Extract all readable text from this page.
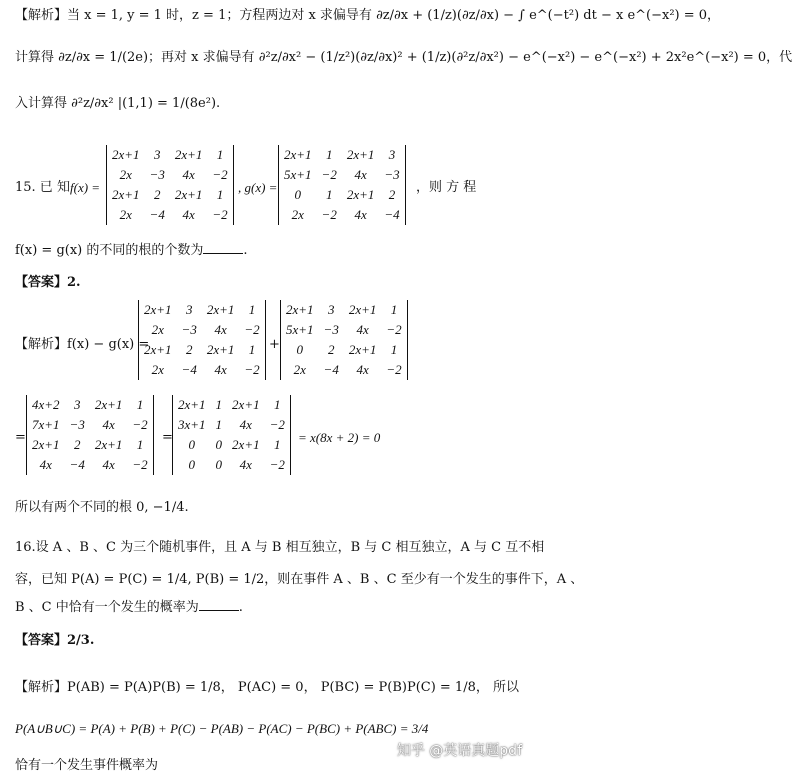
【解析】当 x = 1, y = 1 时，z = 1；方程两边对 x 求偏导有 ∂z/∂x + (1/z)(∂z/∂x) − ∫ e^(−t²) dt − x e^(−x²) = 0，
计算得 ∂z/∂x = 1/(2e)；再对 x 求偏导有 ∂²z/∂x² − (1/z²)(∂z/∂x)² + (1/z)(∂²z/∂x²) − e^(−x²) − e^(−x²) + 2x²e^(−x²) = 0，代
入计算得 ∂²z/∂x² |(1,1) = 1/(8e²).
15. 已 知 f(x) =
2x+1	3	2x+1	1
2x	−3	4x	−2
2x+1	2	2x+1	1
2x	−4	4x	−2
, g(x) =
2x+1	1	2x+1	3
5x+1	−2	4x	−3
0	1	2x+1	2
2x	−2	4x	−4
，则 方 程
f(x) = g(x) 的不同的根的个数为	.
【答案】2.
【解析】f(x) − g(x) =
2x+1	3	2x+1	1
2x	−3	4x	−2
2x+1	2	2x+1	1
2x	−4	4x	−2
+
2x+1	3	2x+1	1
5x+1	−3	4x	−2
0	2	2x+1	1
2x	−4	4x	−2
=
4x+2	3	2x+1	1
7x+1	−3	4x	−2
2x+1	2	2x+1	1
4x	−4	4x	−2
=
2x+1	1	2x+1	1
3x+1	1	4x	−2
0	0	2x+1	1
0	0	4x	−2
= x(8x + 2) = 0
所以有两个不同的根 0, −1/4.
16.设 A 、B 、C 为三个随机事件，且 A 与 B 相互独立，B 与 C 相互独立，A 与 C 互不相
容，已知 P(A) = P(C) = 1/4, P(B) = 1/2，则在事件 A 、B 、C 至少有一个发生的事件下，A 、
B 、C 中恰有一个发生的概率为	.
【答案】2/3.
【解析】P(AB) = P(A)P(B) = 1/8， P(AC) = 0， P(BC) = P(B)P(C) = 1/8， 所以
P(A∪B∪C) = P(A) + P(B) + P(C) − P(AB) − P(AC) − P(BC) + P(ABC) = 3/4
恰有一个发生事件概率为
知乎 @英语真题pdf
